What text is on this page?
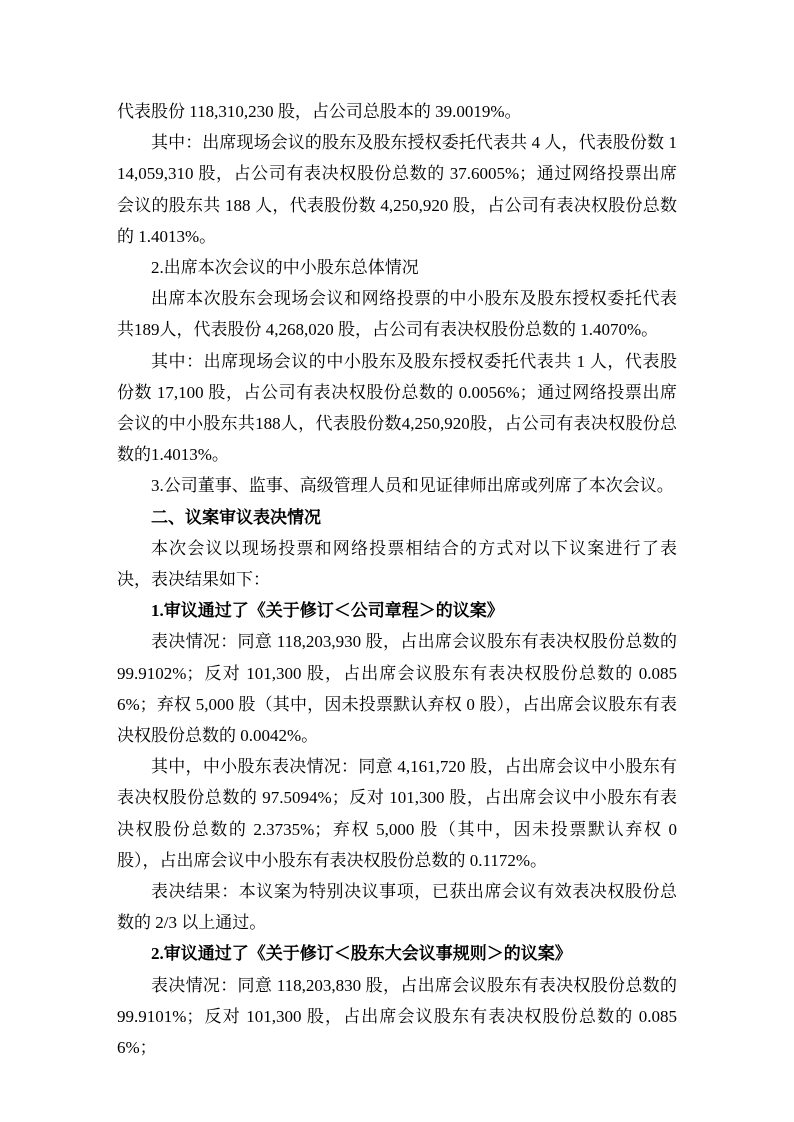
代表股份 118,310,230 股，占公司总股本的 39.0019%。

其中：出席现场会议的股东及股东授权委托代表共 4 人，代表股份数 114,059,310 股，占公司有表决权股份总数的 37.6005%；通过网络投票出席会议的股东共 188 人，代表股份数 4,250,920 股，占公司有表决权股份总数的 1.4013%。

2.出席本次会议的中小股东总体情况

出席本次股东会现场会议和网络投票的中小股东及股东授权委托代表共189人，代表股份 4,268,020 股，占公司有表决权股份总数的 1.4070%。

其中：出席现场会议的中小股东及股东授权委托代表共 1 人，代表股份数 17,100 股，占公司有表决权股份总数的 0.0056%；通过网络投票出席会议的中小股东共188人，代表股份数4,250,920股，占公司有表决权股份总数的1.4013%。

3.公司董事、监事、高级管理人员和见证律师出席或列席了本次会议。

二、议案审议表决情况

本次会议以现场投票和网络投票相结合的方式对以下议案进行了表决，表决结果如下：

1.审议通过了《关于修订＜公司章程＞的议案》

表决情况：同意 118,203,930 股，占出席会议股东有表决权股份总数的 99.9102%；反对 101,300 股，占出席会议股东有表决权股份总数的 0.0856%；弃权 5,000 股（其中，因未投票默认弃权 0 股），占出席会议股东有表决权股份总数的 0.0042%。

其中，中小股东表决情况：同意 4,161,720 股，占出席会议中小股东有表决权股份总数的 97.5094%；反对 101,300 股，占出席会议中小股东有表决权股份总数的 2.3735%；弃权 5,000 股（其中，因未投票默认弃权 0 股），占出席会议中小股东有表决权股份总数的 0.1172%。

表决结果：本议案为特别决议事项，已获出席会议有效表决权股份总数的 2/3 以上通过。

2.审议通过了《关于修订＜股东大会议事规则＞的议案》

表决情况：同意 118,203,830 股，占出席会议股东有表决权股份总数的 99.9101%；反对 101,300 股，占出席会议股东有表决权股份总数的 0.0856%；
